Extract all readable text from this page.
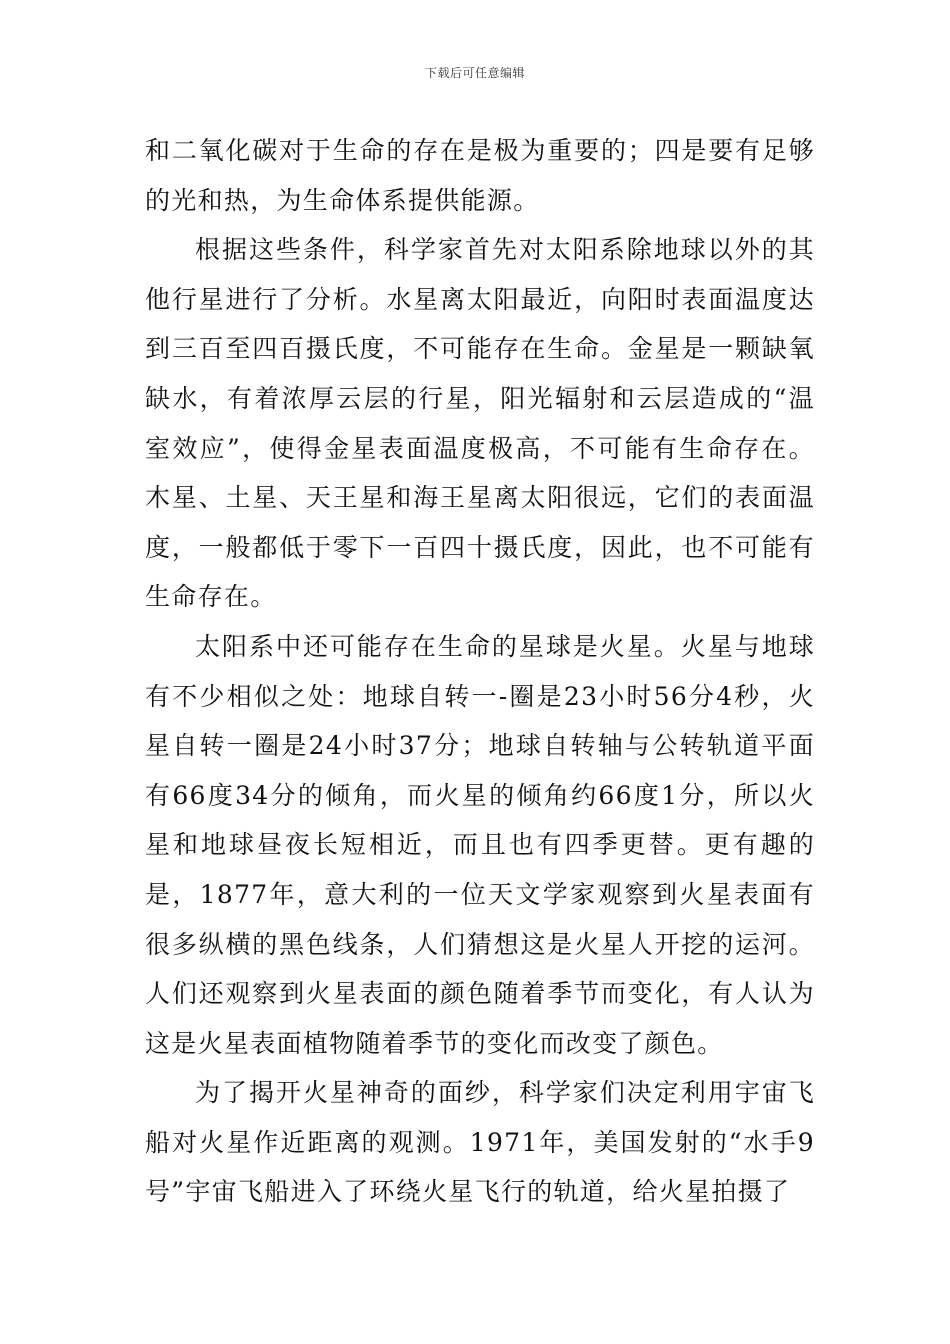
下载后可任意编辑

和二氧化碳对于生命的存在是极为重要的；四是要有足够的光和热，为生命体系提供能源。

根据这些条件，科学家首先对太阳系除地球以外的其他行星进行了分析。水星离太阳最近，向阳时表面温度达到三百至四百摄氏度，不可能存在生命。金星是一颗缺氧缺水，有着浓厚云层的行星，阳光辐射和云层造成的“温室效应”，使得金星表面温度极高，不可能有生命存在。木星、土星、天王星和海王星离太阳很远，它们的表面温度，一般都低于零下一百四十摄氏度，因此，也不可能有生命存在。

太阳系中还可能存在生命的星球是火星。火星与地球有不少相似之处：地球自转一-圈是23小时56分4秒，火星自转一圈是24小时37分；地球自转轴与公转轨道平面有66度34分的倾角，而火星的倾角约66度1分，所以火星和地球昼夜长短相近，而且也有四季更替。更有趣的是，1877年，意大利的一位天文学家观察到火星表面有很多纵横的黑色线条，人们猜想这是火星人开挖的运河。人们还观察到火星表面的颜色随着季节而变化，有人认为这是火星表面植物随着季节的变化而改变了颜色。

为了揭开火星神奇的面纱，科学家们决定利用宇宙飞船对火星作近距离的观测。1971年，美国发射的“水手9号”宇宙飞船进入了环绕火星飞行的轨道，给火星拍摄了
